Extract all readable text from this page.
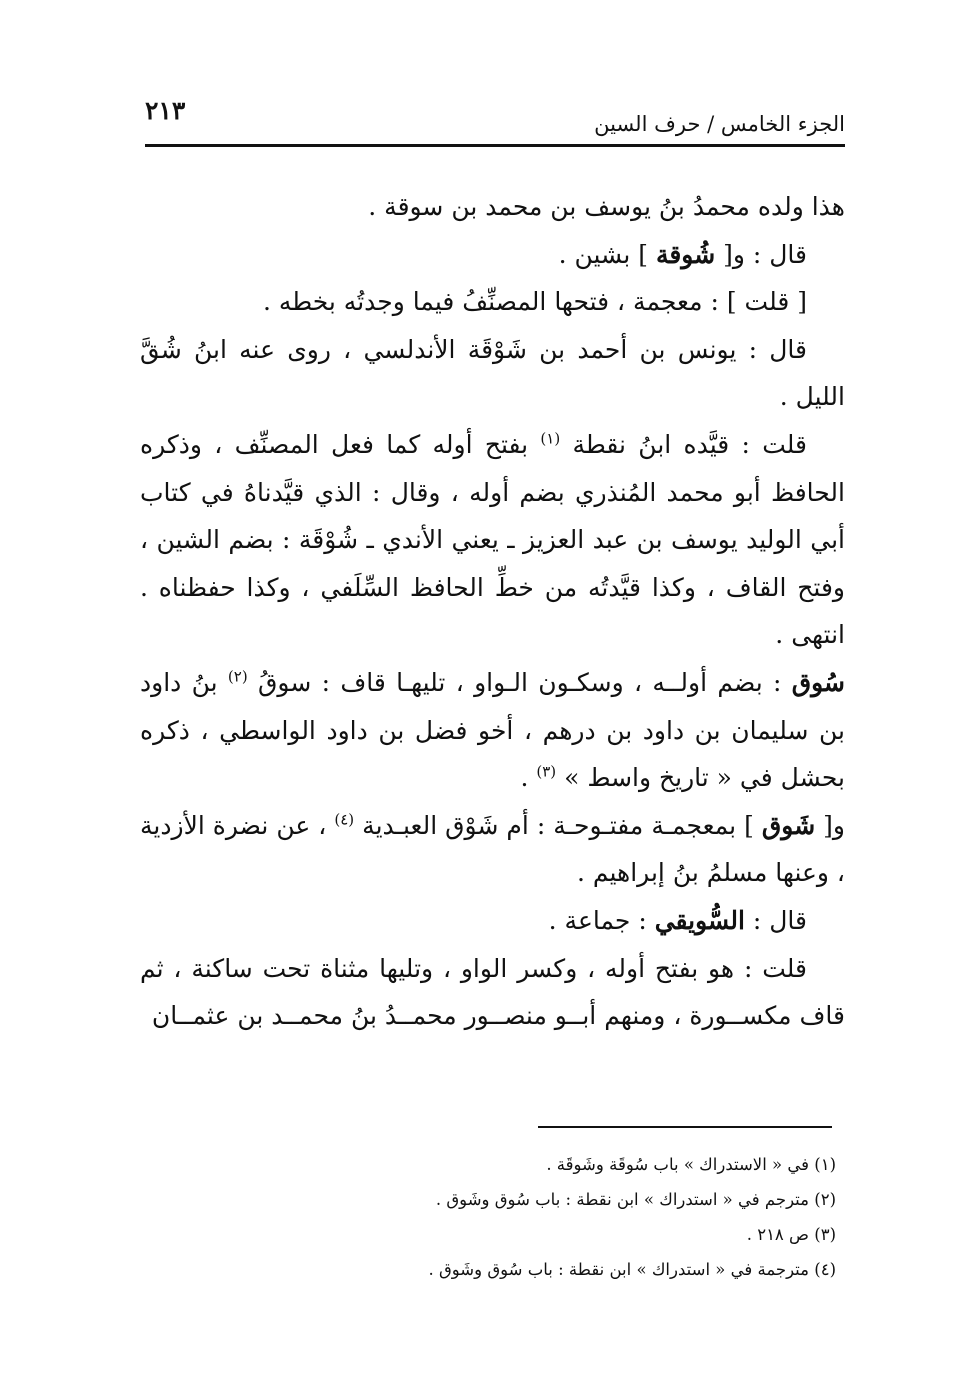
٢١٣	الجزء الخامس / حرف السين

هذا ولده محمدُ بنُ يوسف بن محمد بن سوقة .

قال : و[ شُوقة ] بشين .

[ قلت ] : معجمة ، فتحها المصنِّفُ فيما وجدتُه بخطه .

قال : يونس بن أحمد بن شَوْقَة الأندلسي ، روى عنه ابنُ شُقَّ الليل .

قلت : قيَّده ابنُ نقطة $^{(١)}$ بفتح أوله كما فعل المصنِّف ، وذكره الحافظ أبو محمد المُنذري بضم أوله ، وقال : الذي قيَّدناهُ في كتاب أبي الوليد يوسف بن عبد العزيز ـ يعني الأندي ـ شُوْقَة : بضم الشين ، وفتح القاف ، وكذا قيَّدتُه من خطِّ الحافظ السِّلَفي ، وكذا حفظناه . انتهى .

سُوق : بضم أولــه ، وسكـون الـواو ، تليهـا قاف : سوقُ $^{(٢)}$ بنُ داود بن سليمان بن داود بن درهم ، أخو فضل بن داود الواسطي ، ذكره بحشل في « تاريخ واسط » $^{(٣)}$ .

و[ شَوق ] بمعجمـة مفتـوحـة : أم شَوْق العبـدية $^{(٤)}$ ، عن نضرة الأزدية ، وعنها مسلمُ بنُ إبراهيم .

قال : السُّويقي : جماعة .

قلت : هو بفتح أوله ، وكسر الواو ، وتليها مثناة تحت ساكنة ، ثم قاف مكســورة ، ومنهم أبــو منصــور محمــدُ بنُ محمــد بن عثمــان

(١) في « الاستدراك » باب سُوقَة وشَوقَة .

(٢) مترجم في « استدراك » ابن نقطة : باب سُوق وشَوق .

(٣) ص ٢١٨ .

(٤) مترجمة في « استدراك » ابن نقطة : باب سُوق وشَوق .
